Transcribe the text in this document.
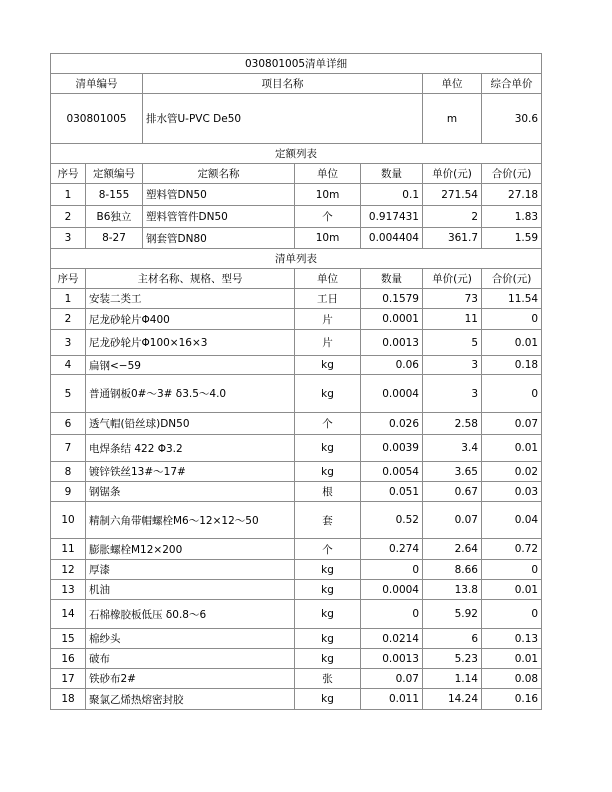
030801005清单详细						
清单编号		项目名称			单位	综合单价
030801005		排水管U-PVC De50			m	30.6
定额列表						
序号	定额编号	定额名称	单位	数量	单价(元)	合价(元)
1	8-155	塑料管DN50	10m	0.1	271.54	27.18
2	B6独立	塑料管管件DN50	个	0.917431	2	1.83
3	8-27	钢套管DN80	10m	0.004404	361.7	1.59
清单列表						
序号	主材名称、规格、型号		单位	数量	单价(元)	合价(元)
1	安装二类工		工日	0.1579	73	11.54
2	尼龙砂轮片Φ400		片	0.0001	11	0
3	尼龙砂轮片Φ100×16×3		片	0.0013	5	0.01
4	扁钢<−59		kg	0.06	3	0.18
5	普通钢板0#～3# δ3.5～4.0		kg	0.0004	3	0
6	透气帽(铅丝球)DN50		个	0.026	2.58	0.07
7	电焊条结 422 Φ3.2		kg	0.0039	3.4	0.01
8	镀锌铁丝13#～17#		kg	0.0054	3.65	0.02
9	钢锯条		根	0.051	0.67	0.03
10	精制六角带帽螺栓M6～12×12～50		套	0.52	0.07	0.04
11	膨胀螺栓M12×200		个	0.274	2.64	0.72
12	厚漆		kg	0	8.66	0
13	机油		kg	0.0004	13.8	0.01
14	石棉橡胶板低压 δ0.8～6		kg	0	5.92	0
15	棉纱头		kg	0.0214	6	0.13
16	破布		kg	0.0013	5.23	0.01
17	铁砂布2#		张	0.07	1.14	0.08
18	聚氯乙烯热熔密封胶		kg	0.011	14.24	0.16
